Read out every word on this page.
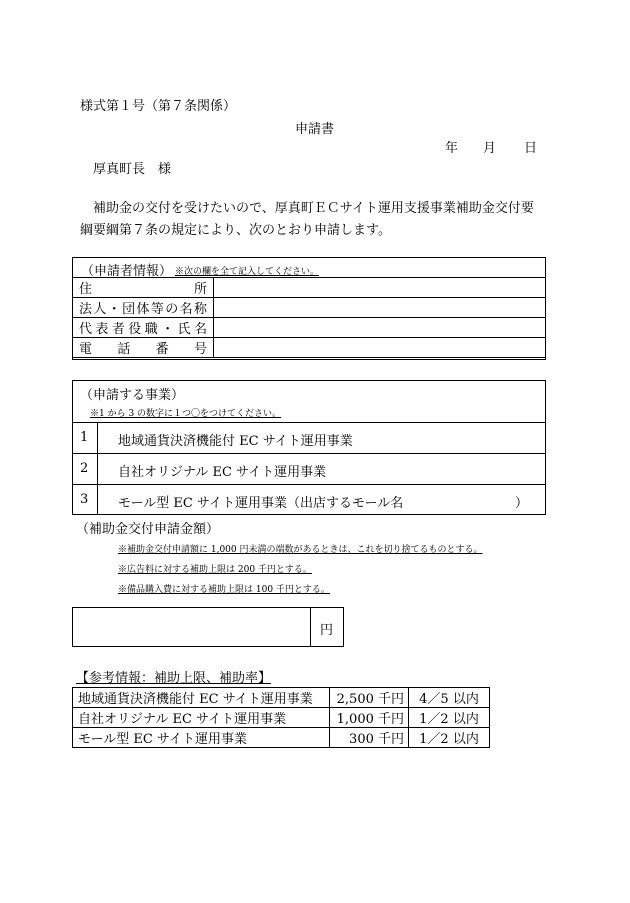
様式第１号（第７条関係）
申請書
年 月 日
厚真町長　様
補助金の交付を受けたいので、厚真町ＥＣサイト運用支援事業補助金交付要
綱要綱第７条の規定により、次のとおり申請します。
（申請者情報） ※次の欄を全て記入してください。
住　　所	

法人・団体等の名称	

代表者役職・氏名	

電　話　番　号	

（申請する事業）
※1 から 3 の数字に１つ〇をつけてください。
1 地域通貨決済機能付 EC サイト運用事業
2 自社オリジナル EC サイト運用事業
3 モール型 EC サイト運用事業（出店するモール名	）
（補助金交付申請金額）
※補助金交付申請額に 1,000 円未満の端数があるときは、これを切り捨てるものとする。
※広告料に対する補助上限は 200 千円とする。
※備品購入費に対する補助上限は 100 千円とする。
円
【参考情報：補助上限、補助率】
地域通貨決済機能付 EC サイト運用事業	2,500 千円	4／5 以内
自社オリジナル EC サイト運用事業	1,000 千円	1／2 以内
モール型 EC サイト運用事業	300 千円	1／2 以内
